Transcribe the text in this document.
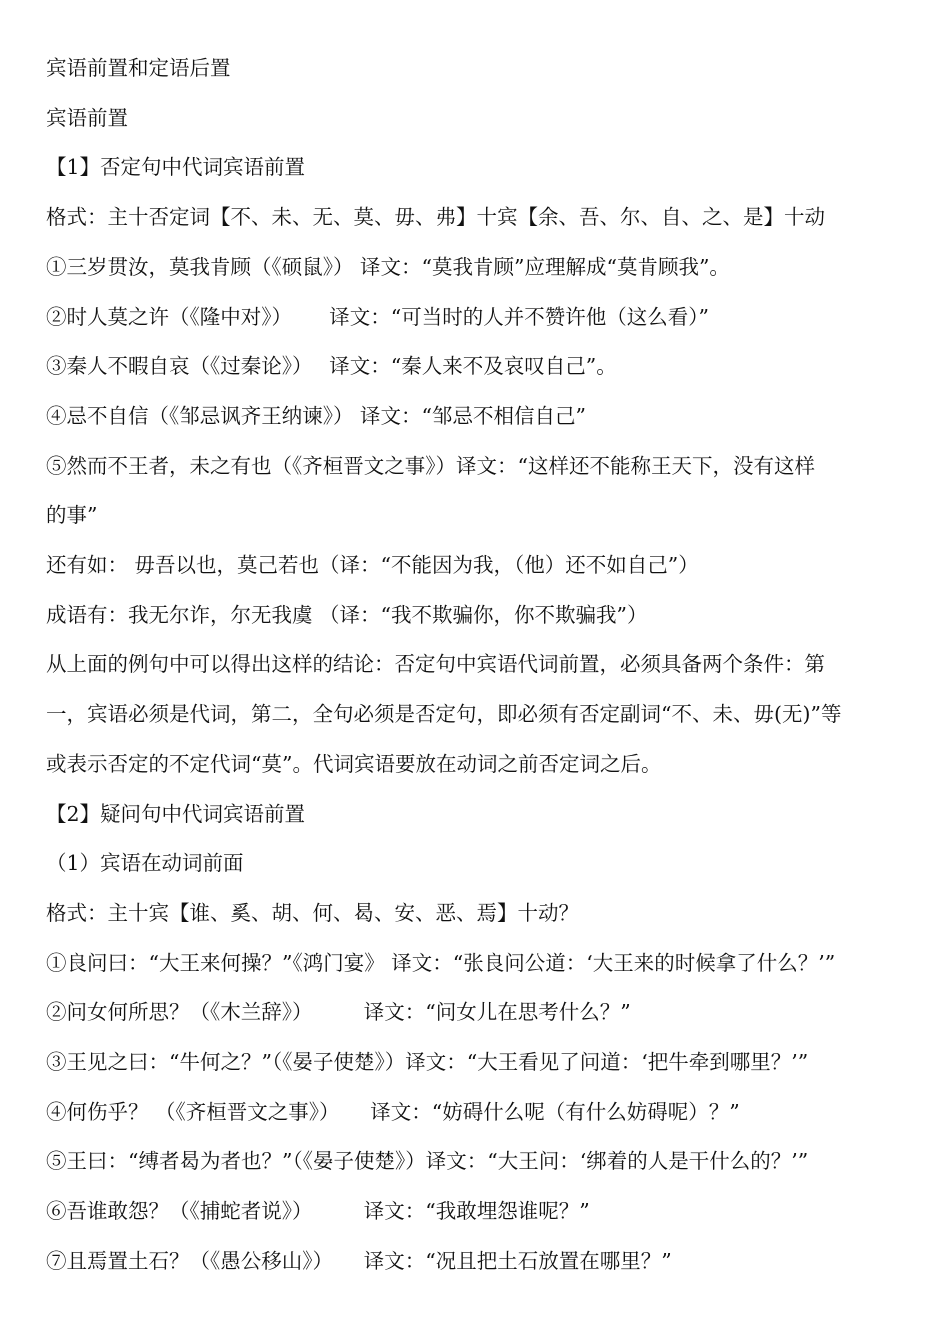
宾语前置和定语后置

宾语前置

【1】否定句中代词宾语前置

格式：主十否定词【不、未、无、莫、毋、弗】十宾【余、吾、尔、自、之、是】十动

①三岁贯汝，莫我肯顾（《硕鼠》） 译文：“莫我肯顾”应理解成“莫肯顾我”。

②时人莫之许（《隆中对》）　　 译文：“可当时的人并不赞许他（这么看）”

③秦人不暇自哀（《过秦论》）　 译文：“秦人来不及哀叹自己”。

④忌不自信（《邹忌讽齐王纳谏》） 译文：“邹忌不相信自己”

⑤然而不王者，未之有也（《齐桓晋文之事》）译文：“这样还不能称王天下，没有这样

的事”

还有如： 毋吾以也，莫己若也（译：“不能因为我，（他）还不如自己”）

成语有：我无尔诈，尔无我虞 （译：“我不欺骗你，你不欺骗我”）

从上面的例句中可以得出这样的结论：否定句中宾语代词前置，必须具备两个条件：第

一，宾语必须是代词，第二，全句必须是否定句，即必须有否定副词“不、未、毋(无)”等

或表示否定的不定代词“莫”。代词宾语要放在动词之前否定词之后。

【2】疑问句中代词宾语前置

（1）宾语在动词前面

格式：主十宾【谁、奚、胡、何、曷、安、恶、焉】十动？

①良问曰：“大王来何操？”《鸿门宴》 译文：“张良问公道：‘大王来的时候拿了什么？’”

②问女何所思？（《木兰辞》）　　　译文：“问女儿在思考什么？”

③王见之曰：“牛何之？”（《晏子使楚》）译文：“大王看见了问道：‘把牛牵到哪里？’”

④何伤乎？ （《齐桓晋文之事》）　　译文：“妨碍什么呢（有什么妨碍呢）？”

⑤王曰：“缚者曷为者也？”（《晏子使楚》）译文：“大王问：‘绑着的人是干什么的？’”

⑥吾谁敢怨？（《捕蛇者说》）　　　译文：“我敢埋怨谁呢？”

⑦且焉置土石？（《愚公移山》）　　译文：“况且把土石放置在哪里？”
